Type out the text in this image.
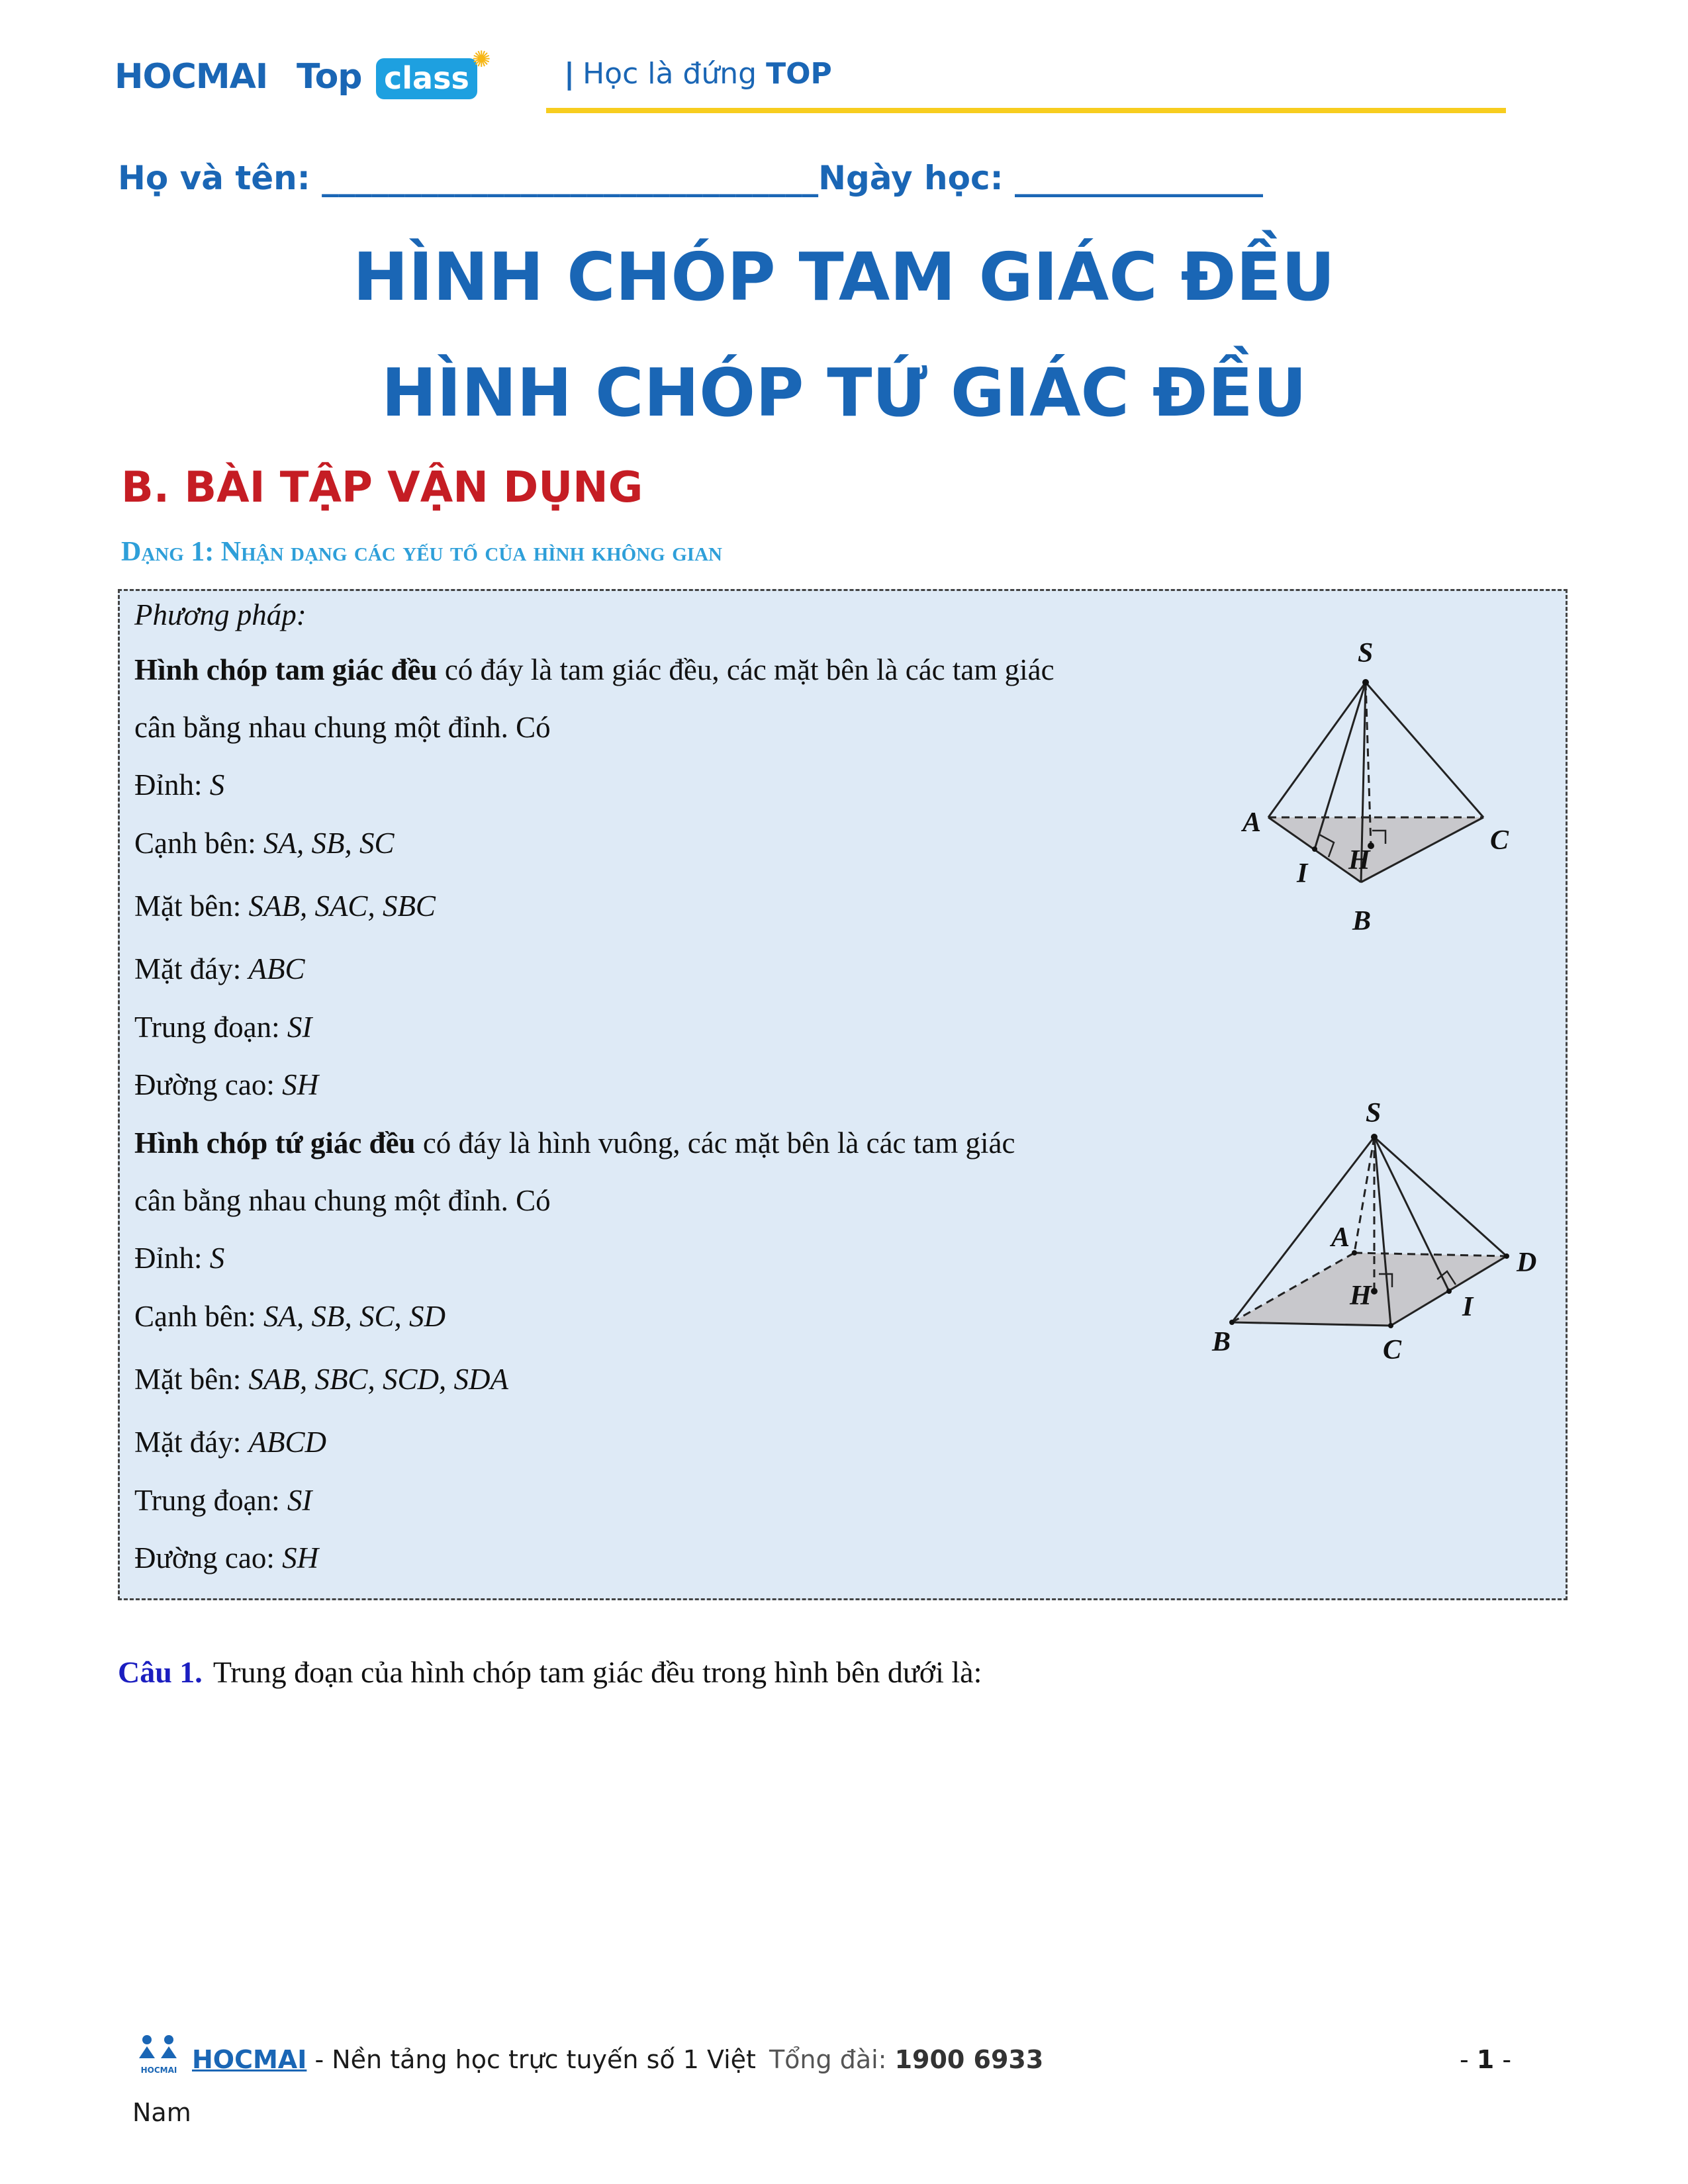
HOCMAI Top class
✺	| Học là đứng TOP
Họ và tên: ______________________________Ngày học: _______________
HÌNH CHÓP TAM GIÁC ĐỀU
HÌNH CHÓP TỨ GIÁC ĐỀU
B. BÀI TẬP VẬN DỤNG
Dạng 1: Nhận dạng các yếu tố của hình không gian
Phương pháp:
Hình chóp tam giác đều có đáy là tam giác đều, các mặt bên là các tam giác
cân bằng nhau chung một đỉnh. Có
Đỉnh: S
Cạnh bên: SA, SB, SC
Mặt bên: SAB, SAC, SBC
Mặt đáy: ABC
Trung đoạn: SI
Đường cao: SH
Hình chóp tứ giác đều có đáy là hình vuông, các mặt bên là các tam giác
cân bằng nhau chung một đỉnh. Có
Đỉnh: S
Cạnh bên: SA, SB, SC, SD
Mặt bên: SAB, SBC, SCD, SDA
Mặt đáy: ABCD
Trung đoạn: SI
Đường cao: SH
S
A
C
H
I
B
S
A
D
H	I
B	C
Câu 1. Trung đoạn của hình chóp tam giác đều trong hình bên dưới là:
HOCMAI HOCMAI - Nền tảng học trực tuyến số 1 Việt Tổng đài: 1900 6933	- 1 -
Nam
